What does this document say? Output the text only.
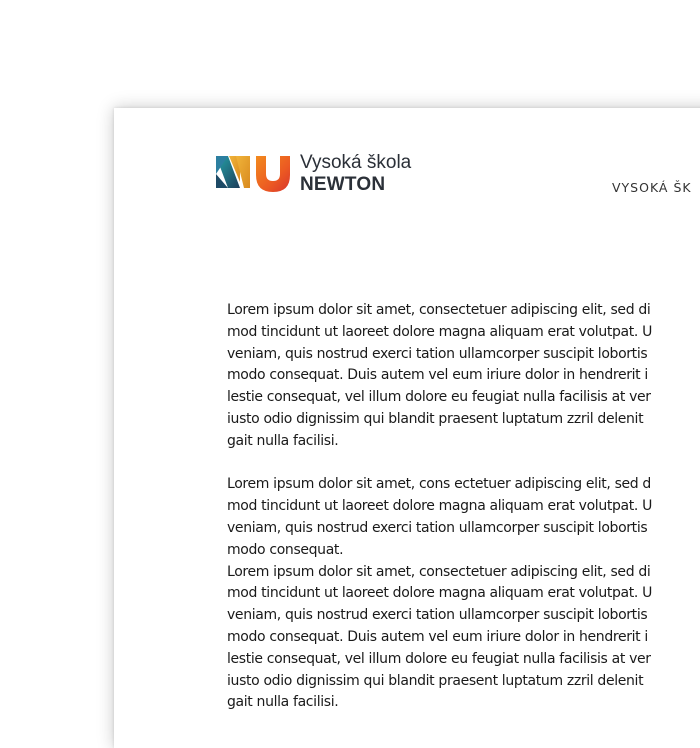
Vysoká škola
NEWTON	VYSOKÁ ŠK
Lorem ipsum dolor sit amet, consectetuer adipiscing elit, sed di
mod tincidunt ut laoreet dolore magna aliquam erat volutpat. U
veniam, quis nostrud exerci tation ullamcorper suscipit lobortis
modo consequat. Duis autem vel eum iriure dolor in hendrerit i
lestie consequat, vel illum dolore eu feugiat nulla facilisis at ver
iusto odio dignissim qui blandit praesent luptatum zzril delenit
gait nulla facilisi.
Lorem ipsum dolor sit amet, cons ectetuer adipiscing elit, sed d
mod tincidunt ut laoreet dolore magna aliquam erat volutpat. U
veniam, quis nostrud exerci tation ullamcorper suscipit lobortis
modo consequat.
Lorem ipsum dolor sit amet, consectetuer adipiscing elit, sed di
mod tincidunt ut laoreet dolore magna aliquam erat volutpat. U
veniam, quis nostrud exerci tation ullamcorper suscipit lobortis
modo consequat. Duis autem vel eum iriure dolor in hendrerit i
lestie consequat, vel illum dolore eu feugiat nulla facilisis at ver
iusto odio dignissim qui blandit praesent luptatum zzril delenit
gait nulla facilisi.
